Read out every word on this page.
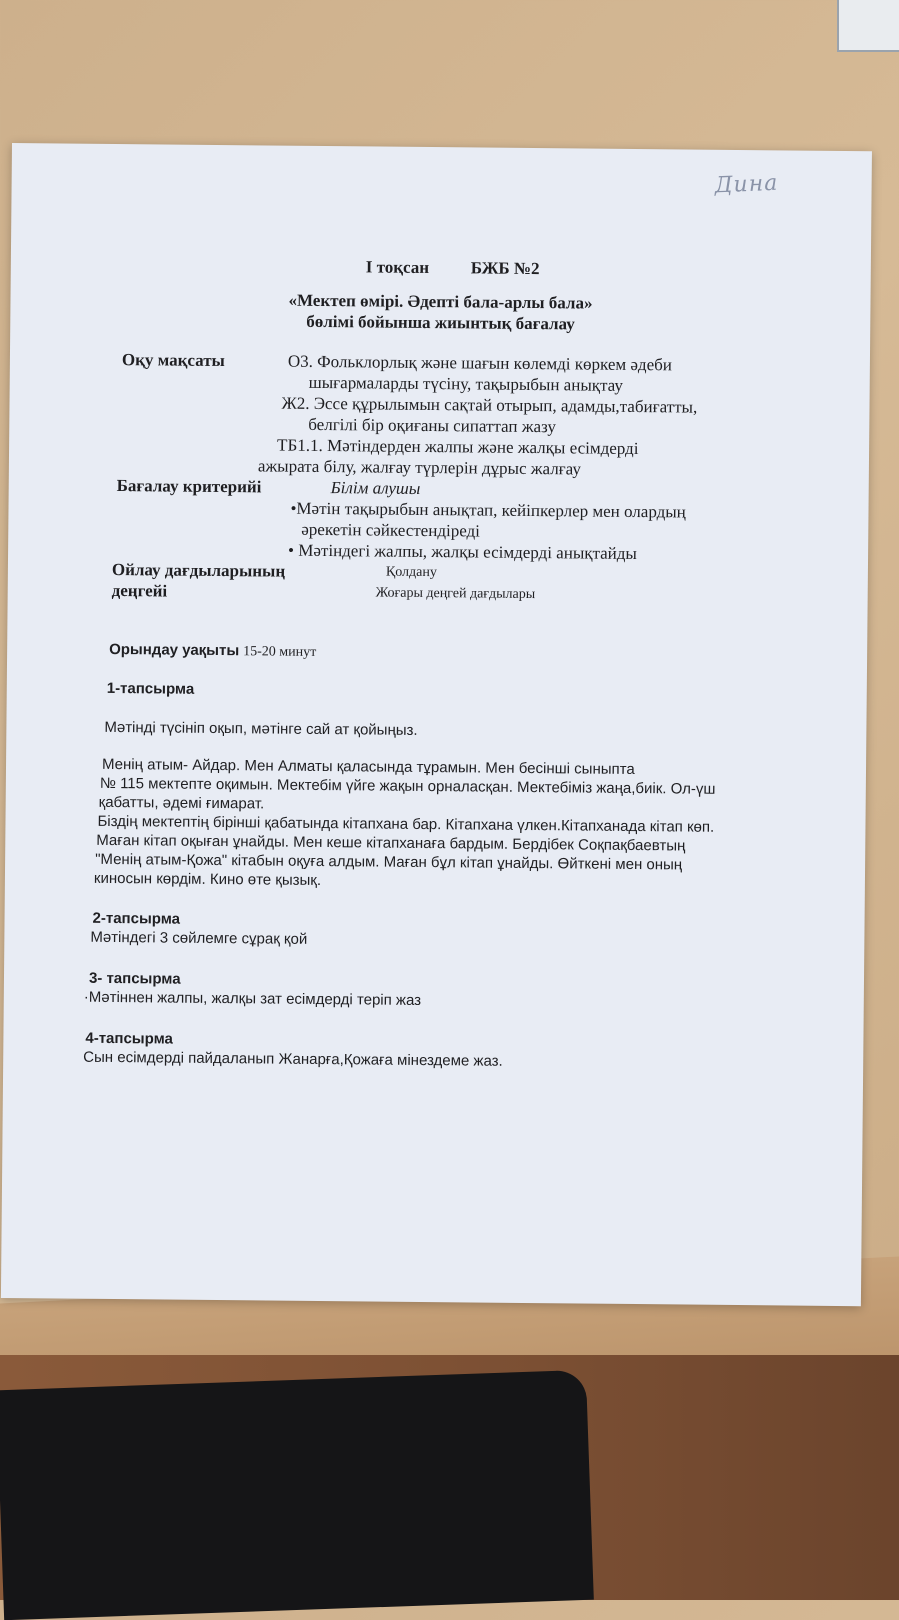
Дина
І тоқсан БЖБ №2
«Мектеп өмірі. Әдепті бала-арлы бала»
бөлімі бойынша жиынтық бағалау
Оқу мақсаты	О3. Фольклорлық және шағын көлемді көркем әдеби
шығармаларды түсіну, тақырыбын анықтау
Ж2. Эссе құрылымын сақтай отырып, адамды,табиғатты,
белгілі бір оқиғаны сипаттап жазу
ТБ1.1. Мәтіндерден жалпы және жалқы есімдерді
ажырата білу, жалғау түрлерін дұрыс жалғау
Бағалау критерийі	Білім алушы
•Мәтін тақырыбын анықтап, кейіпкерлер мен олардың
әрекетін сәйкестендіреді
• Мәтіндегі жалпы, жалқы есімдерді анықтайды
Ойлау дағдыларының
деңгейі
Қолдану
Жоғары деңгей дағдылары
Орындау уақыты 15-20 минут
1-тапсырма
Мәтінді түсініп оқып, мәтінге сай ат қойыңыз.
Менің атым- Айдар. Мен Алматы қаласында тұрамын. Мен бесінші сыныпта
№ 115 мектепте оқимын. Мектебім үйге жақын орналасқан. Мектебіміз жаңа,биік. Ол-үш
қабатты, әдемі ғимарат.
Біздің мектептің бірінші қабатында кітапхана бар. Кітапхана үлкен.Кітапханада кітап көп.
Маған кітап оқыған ұнайды. Мен кеше кітапханаға бардым. Бердібек Соқпақбаевтың
"Менің атым-Қожа" кітабын оқуға алдым. Маған бұл кітап ұнайды. Өйткені мен оның
киносын көрдім. Кино өте қызық.
2-тапсырма
Мәтіндегі 3 сөйлемге сұрақ қой
3- тапсырма
·Мәтіннен жалпы, жалқы зат есімдерді теріп жаз
4-тапсырма
Сын есімдерді пайдаланып Жанарға,Қожаға мінездеме жаз.
